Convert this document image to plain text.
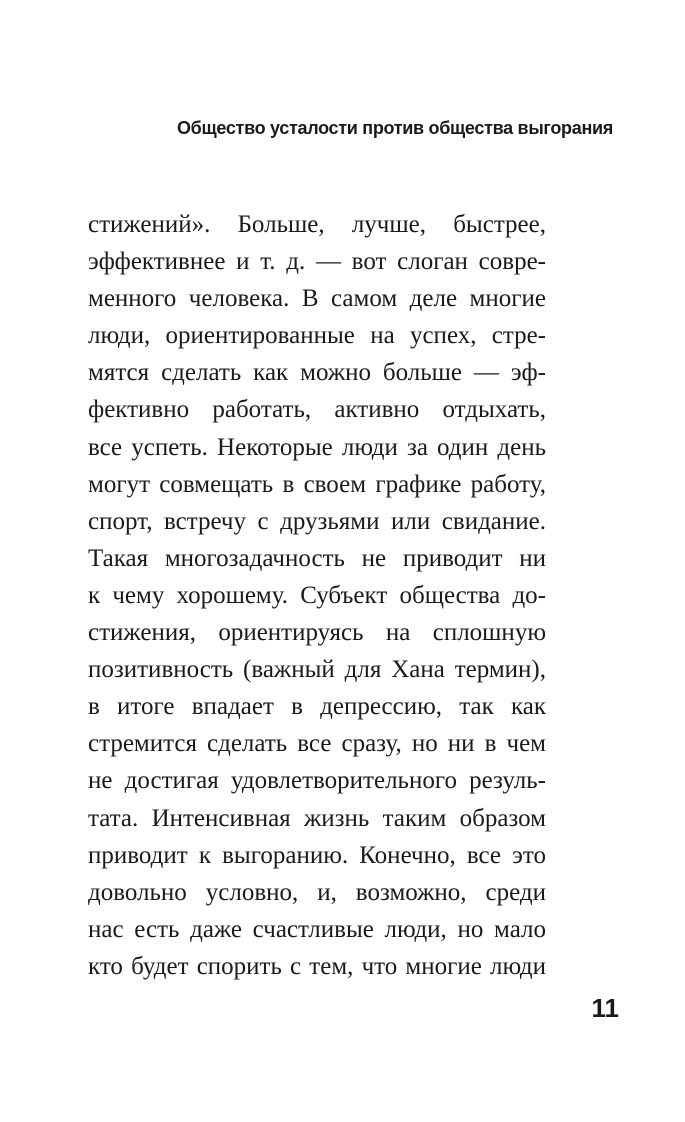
Общество усталости против общества выгорания
стижений». Больше, лучше, быстрее,
эффективнее и т. д. — вот слоган совре-
менного человека. В самом деле многие
люди, ориентированные на успех, стре-
мятся сделать как можно больше — эф-
фективно работать, активно отдыхать,
все успеть. Некоторые люди за один день
могут совмещать в своем графике работу,
спорт, встречу с друзьями или свидание.
Такая многозадачность не приводит ни
к чему хорошему. Субъект общества до-
стижения, ориентируясь на сплошную
позитивность (важный для Хана термин),
в итоге впадает в депрессию, так как
стремится сделать все сразу, но ни в чем
не достигая удовлетворительного резуль-
тата. Интенсивная жизнь таким образом
приводит к выгоранию. Конечно, все это
довольно условно, и, возможно, среди
нас есть даже счастливые люди, но мало
кто будет спорить с тем, что многие люди
11
